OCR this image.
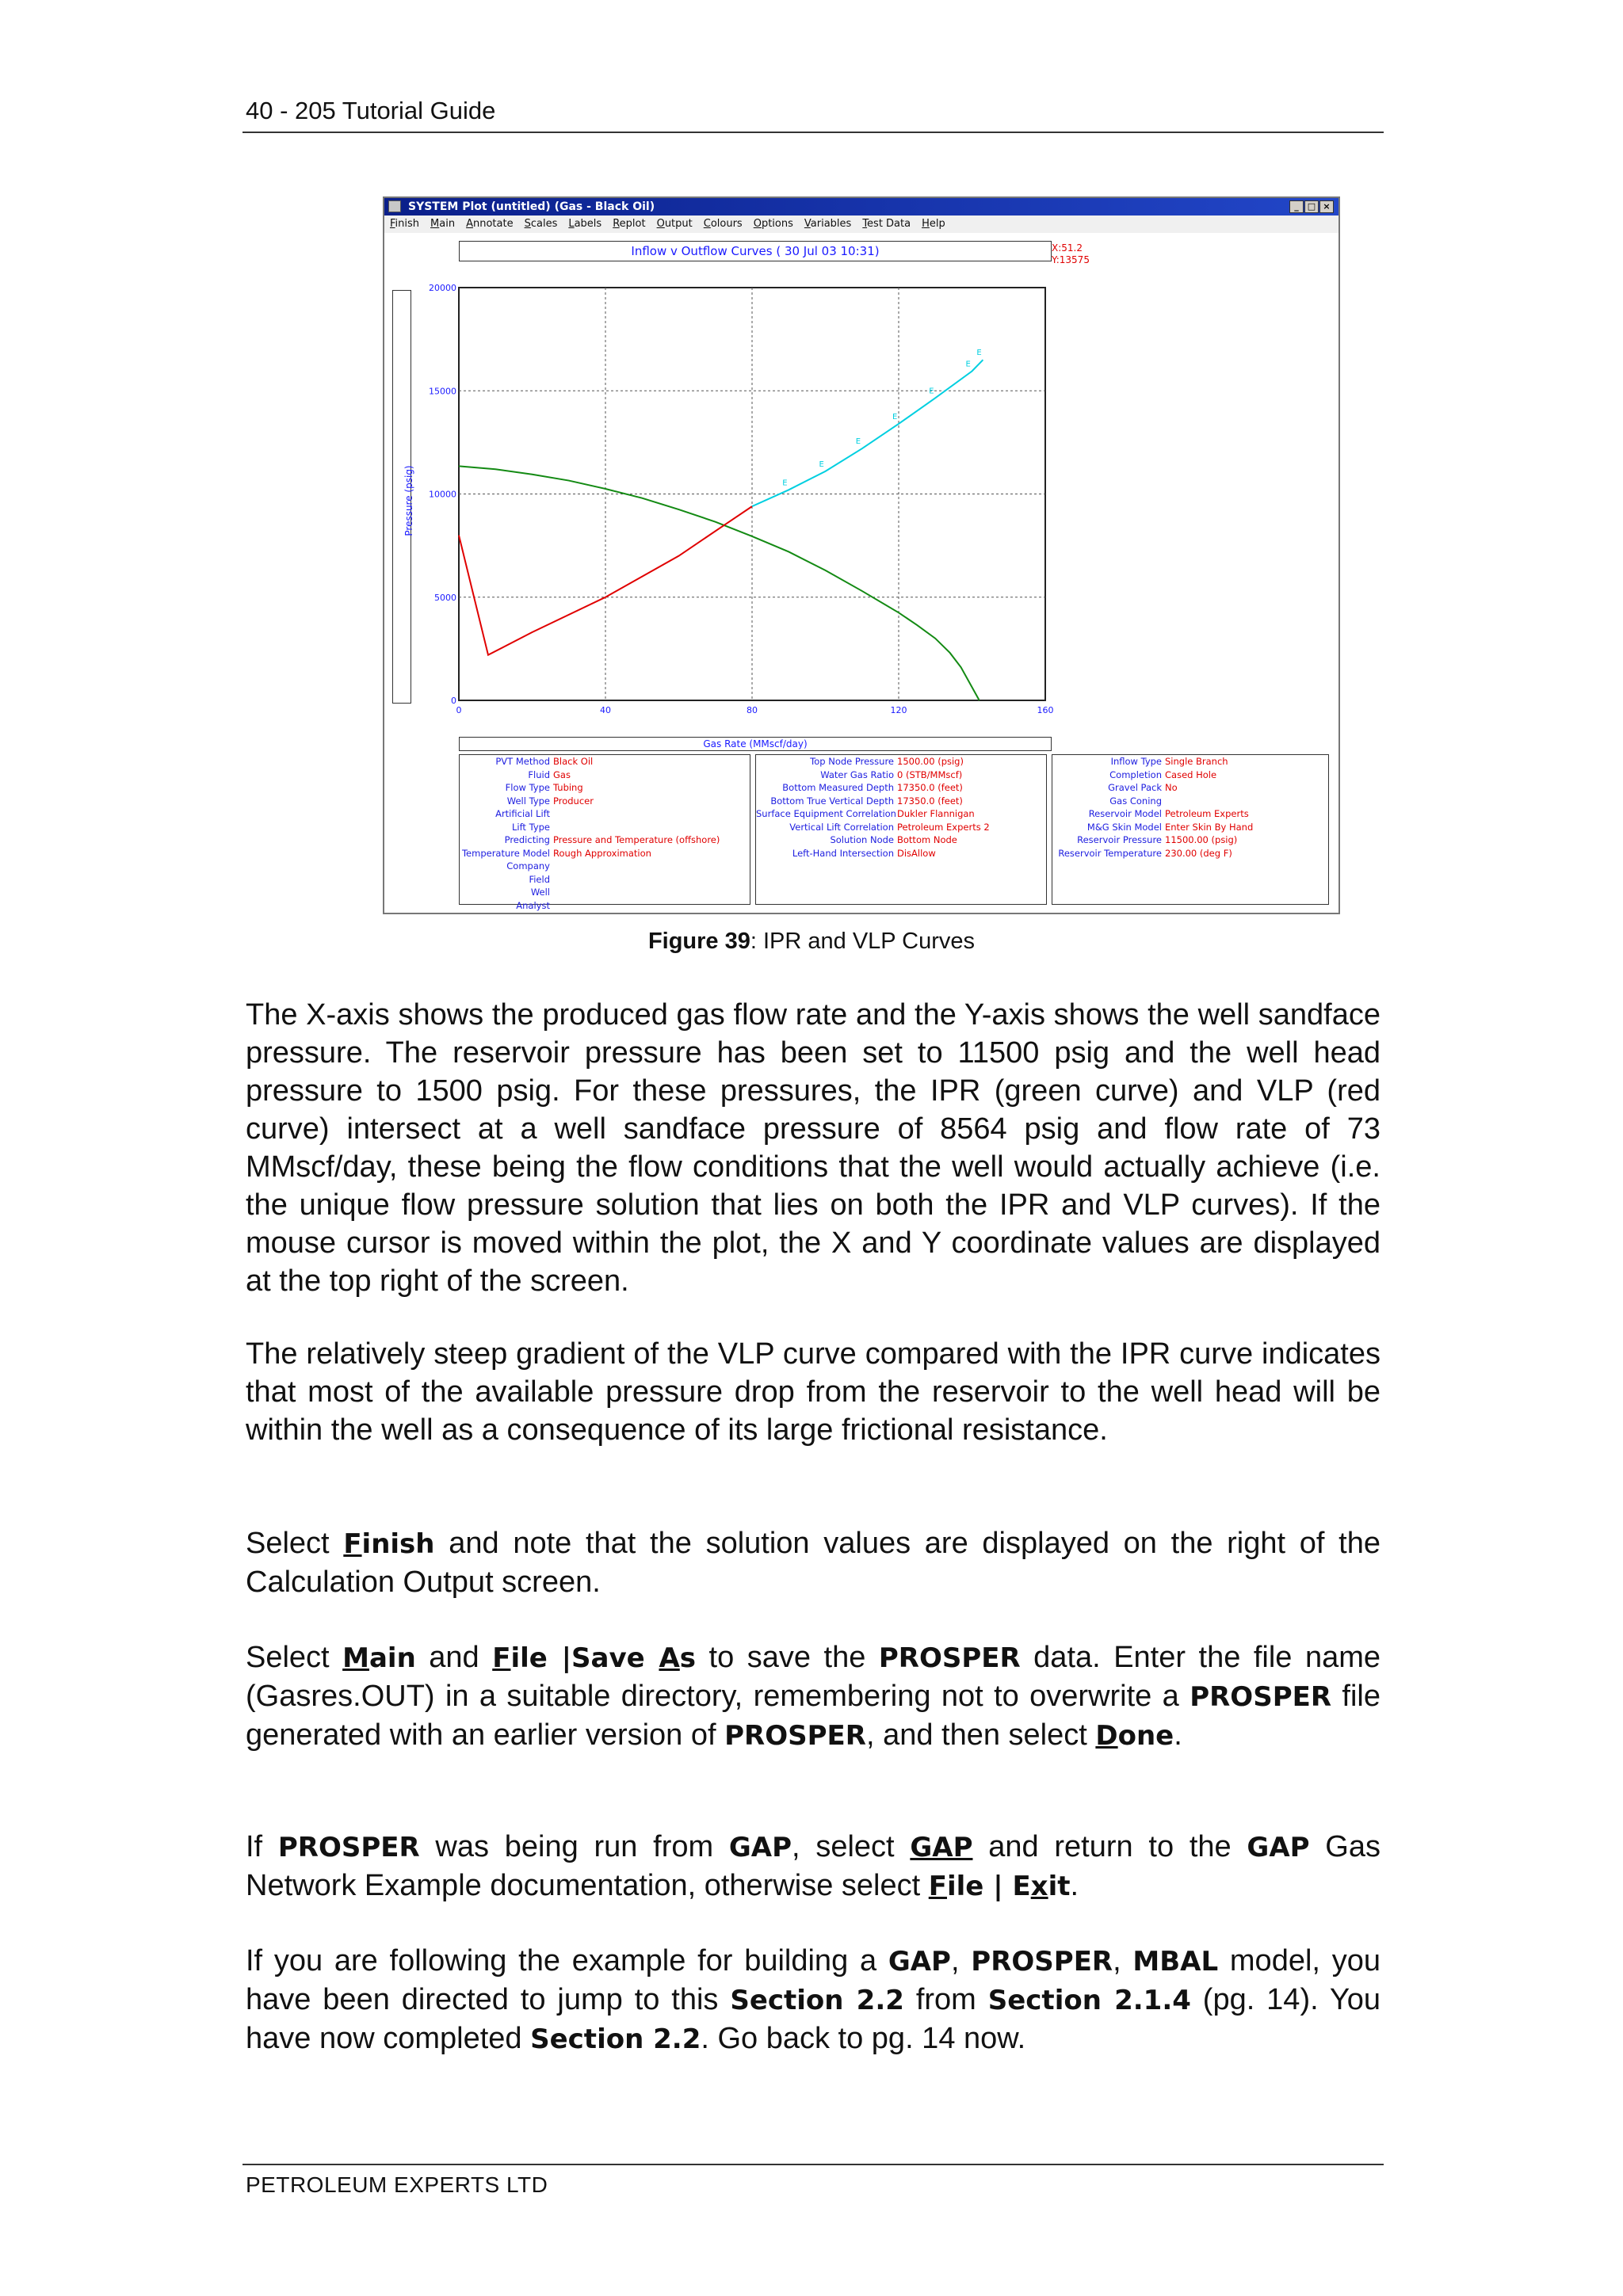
40 - 205 Tutorial Guide
SYSTEM Plot (untitled) (Gas - Black Oil)	_	□ ×
Finish	Main	Annotate	Scales	Labels	Replot	Output	Colours	Options	Variables	Test Data	Help
Inflow v Outflow Curves ( 30 Jul 03 10:31)	X:51.2
Y:13575
Pressure (psig)
0	40	80	120	160
0
5000
10000
15000
20000
E
E
E
E
E
E
E
Gas Rate (MMscf/day)
PVT Method Black Oil
Fluid Gas
Flow Type Tubing
Well Type Producer
Artificial Lift
Lift Type
Predicting Pressure and Temperature (offshore)
Temperature Model Rough Approximation
Company
Field
Well
Analyst
Top Node Pressure 1500.00 (psig)
Water Gas Ratio 0 (STB/MMscf)
Bottom Measured Depth 17350.0 (feet)
Bottom True Vertical Depth 17350.0 (feet)
Surface Equipment Correlation Dukler Flannigan
Vertical Lift Correlation Petroleum Experts 2
Solution Node Bottom Node
Left-Hand Intersection DisAllow
Inflow Type Single Branch
Completion Cased Hole
Gravel Pack No
Gas Coning
Reservoir Model Petroleum Experts
M&G Skin Model Enter Skin By Hand
Reservoir Pressure 11500.00 (psig)
Reservoir Temperature 230.00 (deg F)
Figure 39: IPR and VLP Curves
The X-axis shows the produced gas flow rate and the Y-axis shows the well sandface pressure. The reservoir pressure has been set to 11500 psig and the well head pressure to 1500 psig. For these pressures, the IPR (green curve) and VLP (red curve) intersect at a well sandface pressure of 8564 psig and flow rate of 73 MMscf/day, these being the flow conditions that the well would actually achieve (i.e. the unique flow pressure solution that lies on both the IPR and VLP curves). If the mouse cursor is moved within the plot, the X and Y coordinate values are displayed at the top right of the screen.
The relatively steep gradient of the VLP curve compared with the IPR curve indicates that most of the available pressure drop from the reservoir to the well head will be within the well as a consequence of its large frictional resistance.
Select Finish and note that the solution values are displayed on the right of the Calculation Output screen.
Select Main and File |Save As to save the PROSPER data. Enter the file name (Gasres.OUT) in a suitable directory, remembering not to overwrite a PROSPER file generated with an earlier version of PROSPER, and then select Done.
If PROSPER was being run from GAP, select GAP and return to the GAP Gas Network Example documentation, otherwise select File | Exit.
If you are following the example for building a GAP, PROSPER, MBAL model, you have been directed to jump to this Section 2.2 from Section 2.1.4 (pg. 14). You have now completed Section 2.2. Go back to pg. 14 now.
PETROLEUM EXPERTS LTD
